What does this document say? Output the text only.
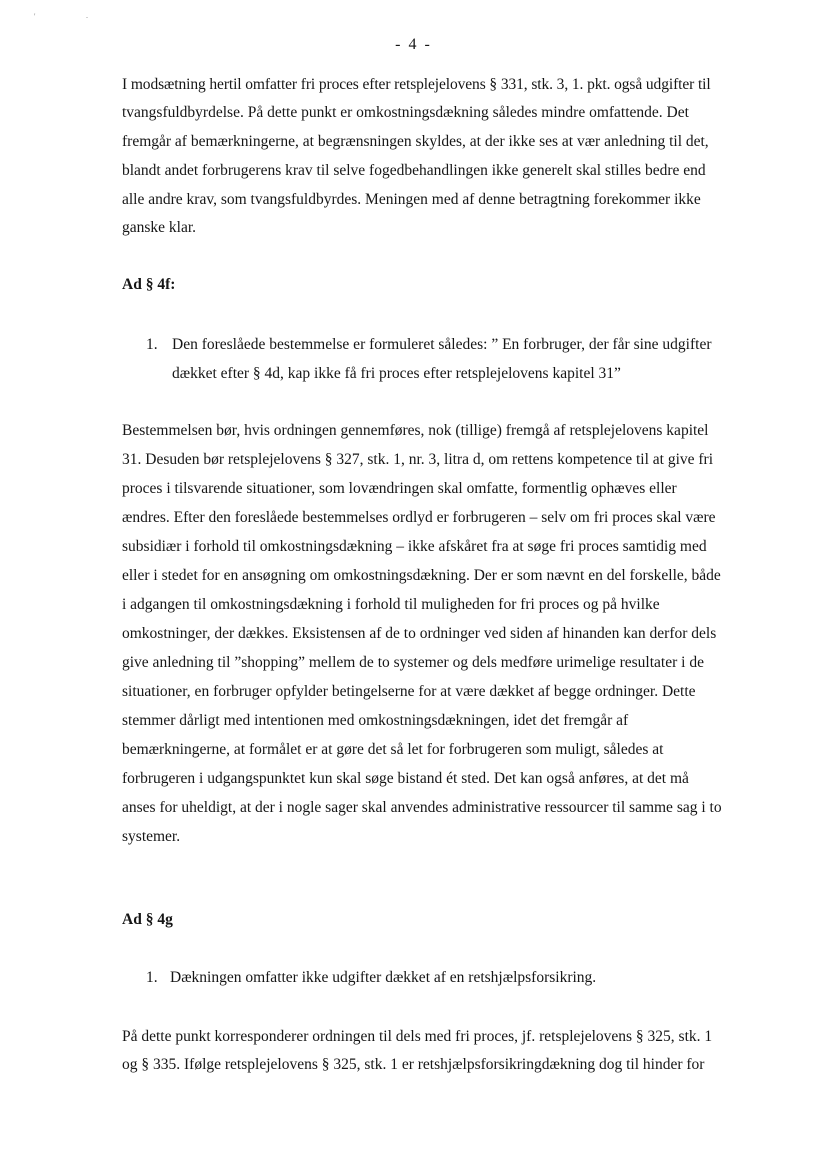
'	.
- 4 -
I modsætning hertil omfatter fri proces efter retsplejelovens § 331, stk. 3, 1. pkt. også udgifter til
tvangsfuldbyrdelse. På dette punkt er omkostningsdækning således mindre omfattende. Det
fremgår af bemærkningerne, at begrænsningen skyldes, at der ikke ses at vær anledning til det,
blandt andet forbrugerens krav til selve fogedbehandlingen ikke generelt skal stilles bedre end
alle andre krav, som tvangsfuldbyrdes. Meningen med af denne betragtning forekommer ikke
ganske klar.
Ad § 4f:
1. Den foreslåede bestemmelse er formuleret således: ” En forbruger, der får sine udgifter
dækket efter § 4d, kap ikke få fri proces efter retsplejelovens kapitel 31”
Bestemmelsen bør, hvis ordningen gennemføres, nok (tillige) fremgå af retsplejelovens kapitel
31. Desuden bør retsplejelovens § 327, stk. 1, nr. 3, litra d, om rettens kompetence til at give fri
proces i tilsvarende situationer, som lovændringen skal omfatte, formentlig ophæves eller
ændres. Efter den foreslåede bestemmelses ordlyd er forbrugeren – selv om fri proces skal være
subsidiær i forhold til omkostningsdækning – ikke afskåret fra at søge fri proces samtidig med
eller i stedet for en ansøgning om omkostningsdækning. Der er som nævnt en del forskelle, både
i adgangen til omkostningsdækning i forhold til muligheden for fri proces og på hvilke
omkostninger, der dækkes. Eksistensen af de to ordninger ved siden af hinanden kan derfor dels
give anledning til ”shopping” mellem de to systemer og dels medføre urimelige resultater i de
situationer, en forbruger opfylder betingelserne for at være dækket af begge ordninger. Dette
stemmer dårligt med intentionen med omkostningsdækningen, idet det fremgår af
bemærkningerne, at formålet er at gøre det så let for forbrugeren som muligt, således at
forbrugeren i udgangspunktet kun skal søge bistand ét sted. Det kan også anføres, at det må
anses for uheldigt, at der i nogle sager skal anvendes administrative ressourcer til samme sag i to
systemer.
Ad § 4g
1. Dækningen omfatter ikke udgifter dækket af en retshjælpsforsikring.
På dette punkt korresponderer ordningen til dels med fri proces, jf. retsplejelovens § 325, stk. 1
og § 335. Ifølge retsplejelovens § 325, stk. 1 er retshjælpsforsikringdækning dog til hinder for
